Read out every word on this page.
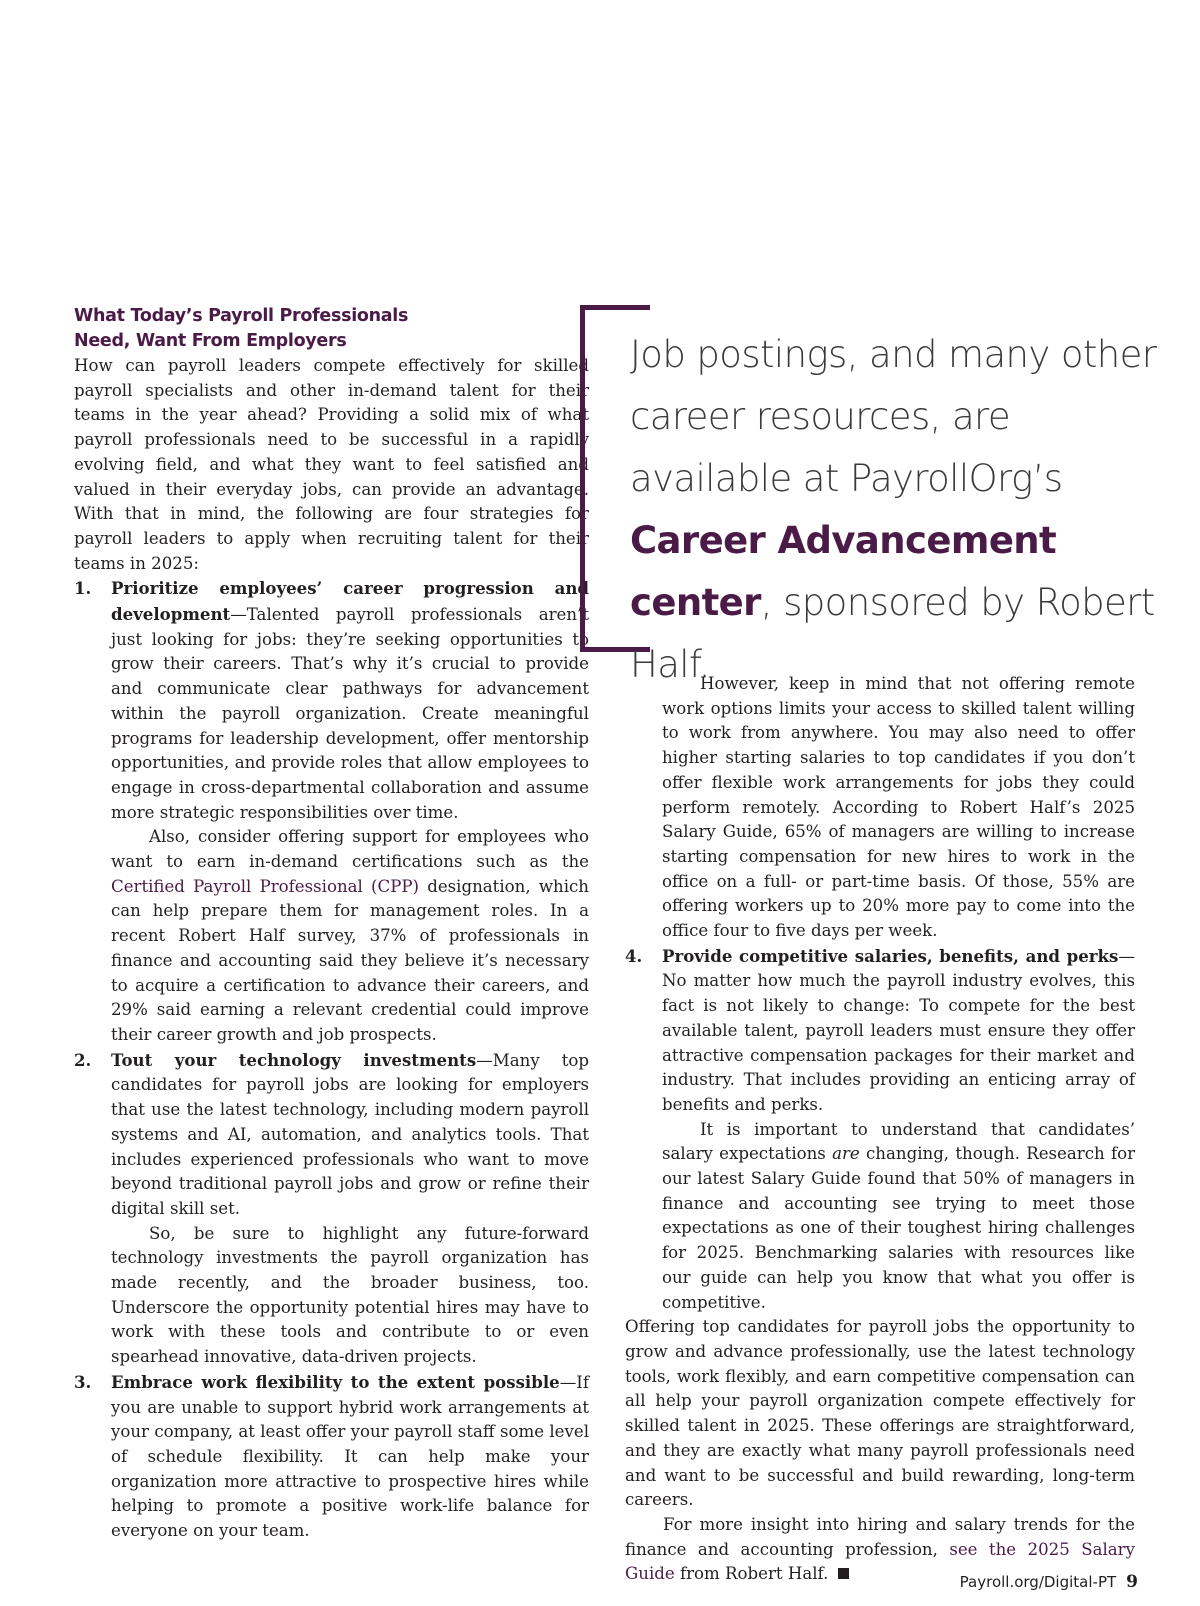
What Today’s Payroll Professionals
Need, Want From Employers

How can payroll leaders compete effectively for skilled payroll specialists and other in-demand talent for their teams in the year ahead? Providing a solid mix of what payroll professionals need to be successful in a rapidly evolving field, and what they want to feel satisfied and valued in their everyday jobs, can provide an advantage. With that in mind, the following are four strategies for payroll leaders to apply when recruiting talent for their teams in 2025:

1. Prioritize employees’ career progression and development—Talented payroll professionals aren’t just looking for jobs: they’re seeking opportunities to grow their careers. That’s why it’s crucial to provide and communicate clear pathways for advancement within the payroll organization. Create meaningful programs for leadership development, offer mentorship opportunities, and provide roles that allow employees to engage in cross-departmental collaboration and assume more strategic responsibilities over time.

Also, consider offering support for employees who want to earn in-demand certifications such as the Certified Payroll Professional (CPP) designation, which can help prepare them for management roles. In a recent Robert Half survey, 37% of professionals in finance and accounting said they believe it’s necessary to acquire a certification to advance their careers, and 29% said earning a relevant credential could improve their career growth and job prospects.

2. Tout your technology investments—Many top candidates for payroll jobs are looking for employers that use the latest technology, including modern payroll systems and AI, automation, and analytics tools. That includes experienced professionals who want to move beyond traditional payroll jobs and grow or refine their digital skill set.

So, be sure to highlight any future-forward technology investments the payroll organization has made recently, and the broader business, too. Underscore the opportunity potential hires may have to work with these tools and contribute to or even spearhead innovative, data-driven projects.

3. Embrace work flexibility to the extent possible—If you are unable to support hybrid work arrangements at your company, at least offer your payroll staff some level of schedule flexibility. It can help make your organization more attractive to prospective hires while helping to promote a positive work-life balance for everyone on your team.

Job postings, and many other career resources, are available at PayrollOrg’s Career Advancement center, sponsored by Robert Half.

However, keep in mind that not offering remote work options limits your access to skilled talent willing to work from anywhere. You may also need to offer higher starting salaries to top candidates if you don’t offer flexible work arrangements for jobs they could perform remotely. According to Robert Half’s 2025 Salary Guide, 65% of managers are willing to increase starting compensation for new hires to work in the office on a full- or part-time basis. Of those, 55% are offering workers up to 20% more pay to come into the office four to five days per week.

4. Provide competitive salaries, benefits, and perks—No matter how much the payroll industry evolves, this fact is not likely to change: To compete for the best available talent, payroll leaders must ensure they offer attractive compensation packages for their market and industry. That includes providing an enticing array of benefits and perks.

It is important to understand that candidates’ salary expectations are changing, though. Research for our latest Salary Guide found that 50% of managers in finance and accounting see trying to meet those expectations as one of their toughest hiring challenges for 2025. Benchmarking salaries with resources like our guide can help you know that what you offer is competitive.

Offering top candidates for payroll jobs the opportunity to grow and advance professionally, use the latest technology tools, work flexibly, and earn competitive compensation can all help your payroll organization compete effectively for skilled talent in 2025. These offerings are straightforward, and they are exactly what many payroll professionals need and want to be successful and build rewarding, long-term careers.

For more insight into hiring and salary trends for the finance and accounting profession, see the 2025 Salary Guide from Robert Half.	Payroll.org/Digital-PT 9
